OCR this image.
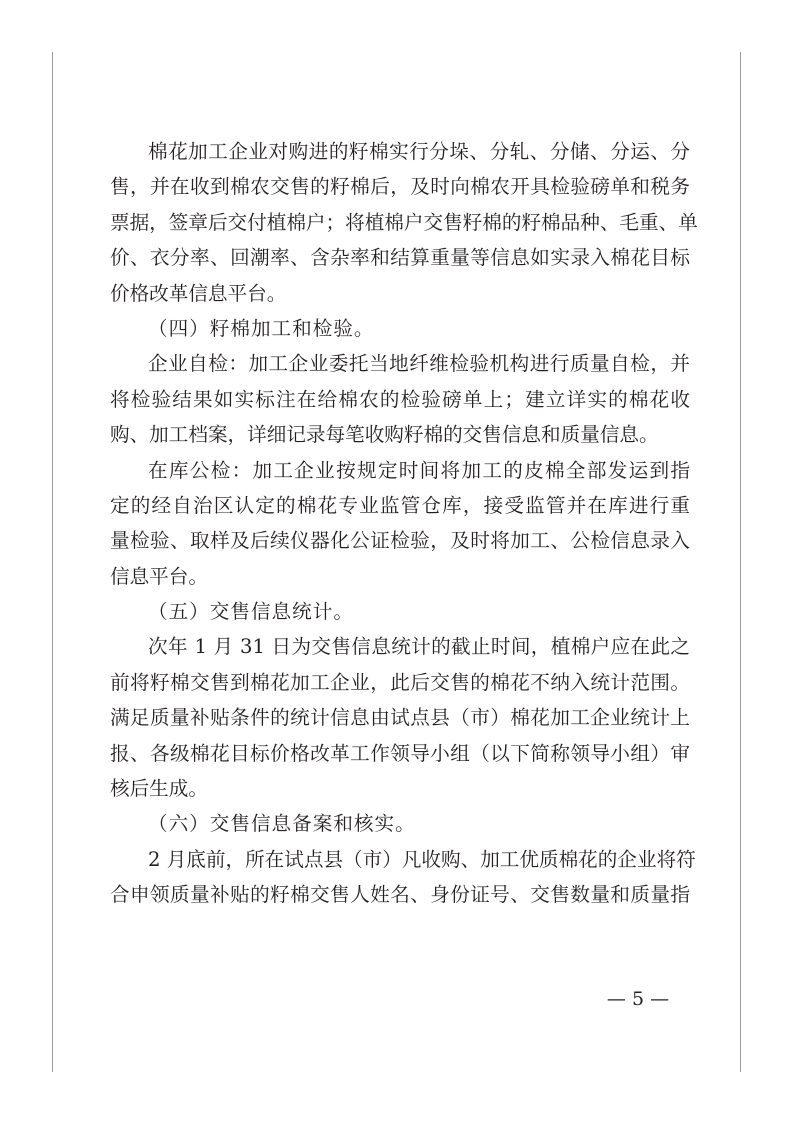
棉花加工企业对购进的籽棉实行分垛、分轧、分储、分运、分
售，并在收到棉农交售的籽棉后，及时向棉农开具检验磅单和税务
票据，签章后交付植棉户；将植棉户交售籽棉的籽棉品种、毛重、单
价、衣分率、回潮率、含杂率和结算重量等信息如实录入棉花目标
价格改革信息平台。
（四）籽棉加工和检验。
企业自检：加工企业委托当地纤维检验机构进行质量自检，并
将检验结果如实标注在给棉农的检验磅单上；建立详实的棉花收
购、加工档案，详细记录每笔收购籽棉的交售信息和质量信息。
在库公检：加工企业按规定时间将加工的皮棉全部发运到指
定的经自治区认定的棉花专业监管仓库，接受监管并在库进行重
量检验、取样及后续仪器化公证检验，及时将加工、公检信息录入
信息平台。
（五）交售信息统计。
次年 1 月 31 日为交售信息统计的截止时间，植棉户应在此之
前将籽棉交售到棉花加工企业，此后交售的棉花不纳入统计范围。
满足质量补贴条件的统计信息由试点县（市）棉花加工企业统计上
报、各级棉花目标价格改革工作领导小组（以下简称领导小组）审
核后生成。
（六）交售信息备案和核实。
2 月底前，所在试点县（市）凡收购、加工优质棉花的企业将符
合申领质量补贴的籽棉交售人姓名、身份证号、交售数量和质量指
— 5 —
